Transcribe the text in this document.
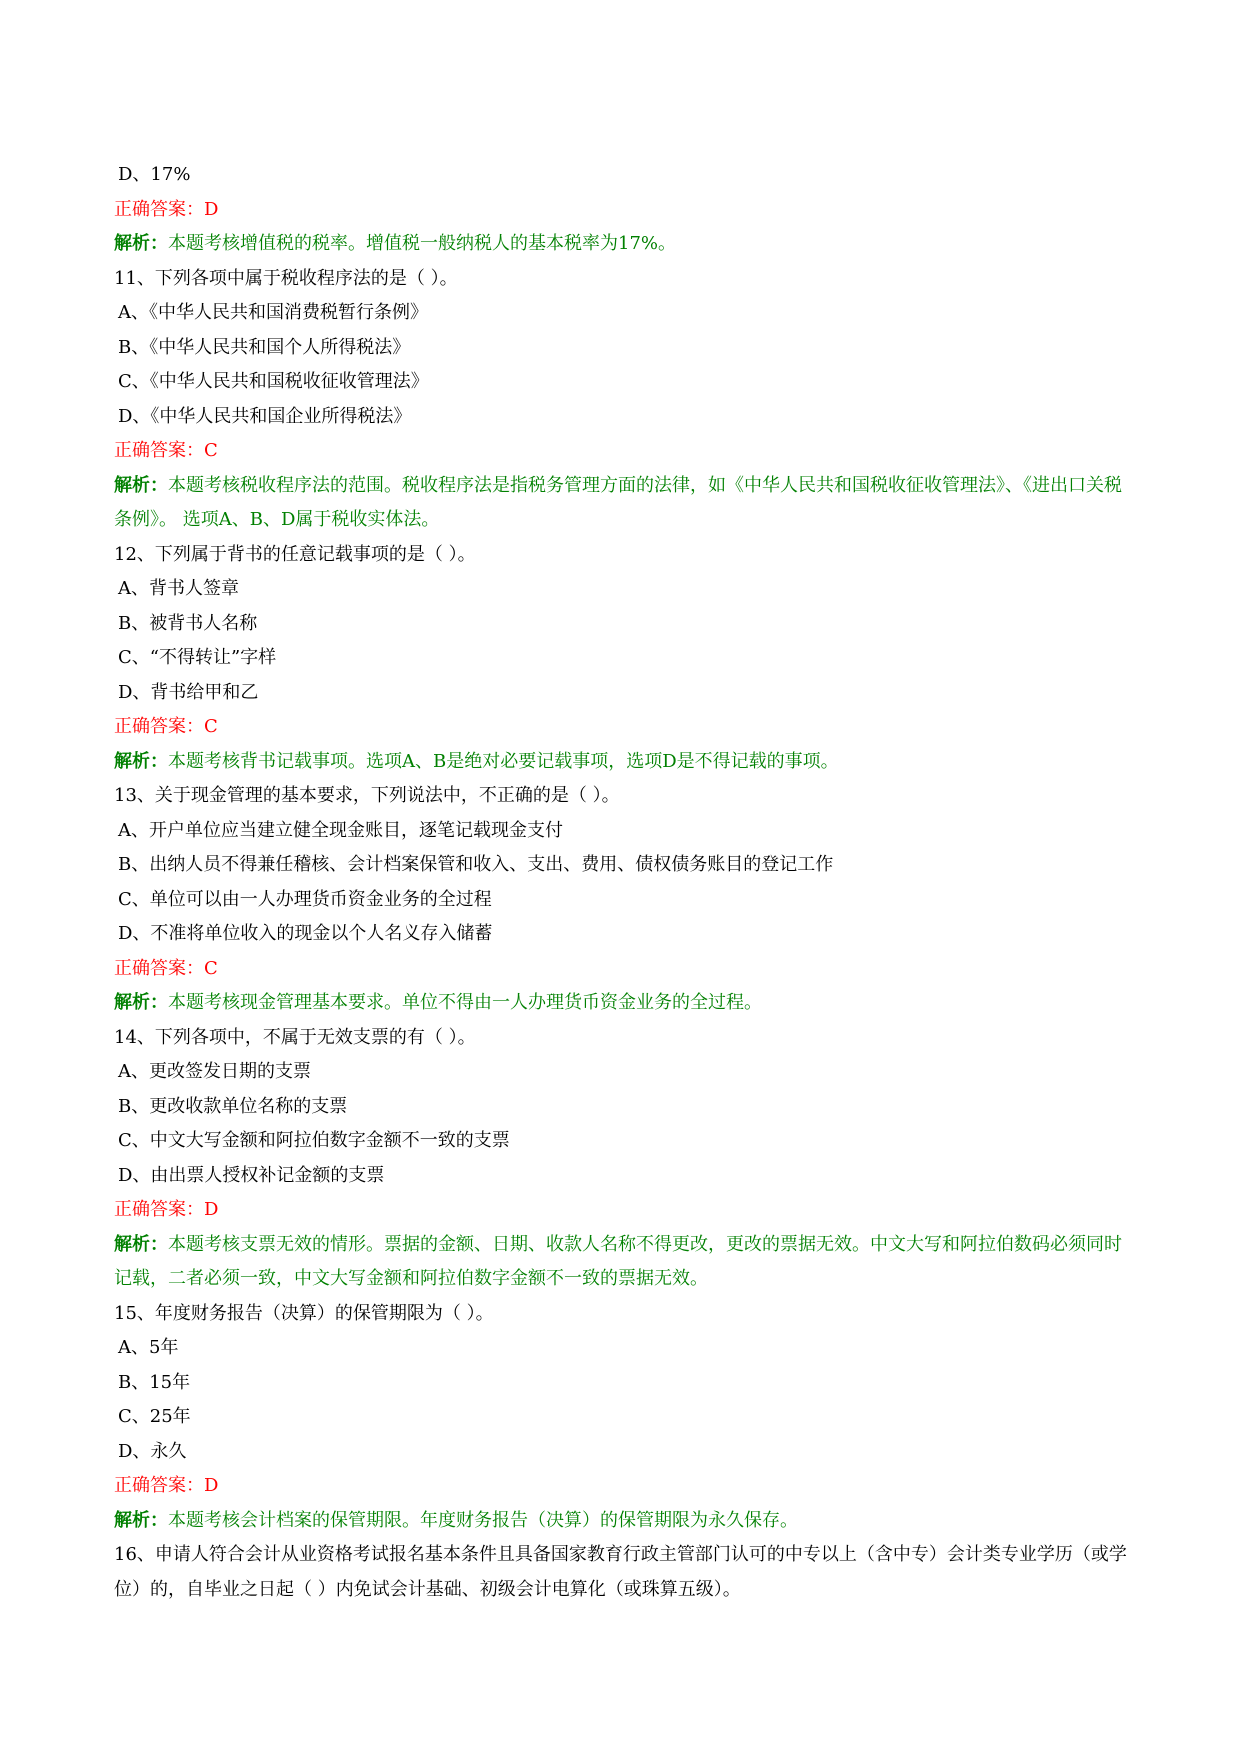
D、17%
正确答案：D
解析：本题考核增值税的税率。增值税一般纳税人的基本税率为17%。
11、下列各项中属于税收程序法的是（ ）。
A、《中华人民共和国消费税暂行条例》
B、《中华人民共和国个人所得税法》
C、《中华人民共和国税收征收管理法》
D、《中华人民共和国企业所得税法》
正确答案：C
解析：本题考核税收程序法的范围。税收程序法是指税务管理方面的法律，如《中华人民共和国税收征收管理法》、《进出口关税条例》。 选项A、B、D属于税收实体法。
12、下列属于背书的任意记载事项的是（ ）。
A、背书人签章
B、被背书人名称
C、“不得转让”字样
D、背书给甲和乙
正确答案：C
解析：本题考核背书记载事项。选项A、B是绝对必要记载事项，选项D是不得记载的事项。
13、关于现金管理的基本要求，下列说法中，不正确的是（ ）。
A、开户单位应当建立健全现金账目，逐笔记载现金支付
B、出纳人员不得兼任稽核、会计档案保管和收入、支出、费用、债权债务账目的登记工作
C、单位可以由一人办理货币资金业务的全过程
D、不准将单位收入的现金以个人名义存入储蓄
正确答案：C
解析：本题考核现金管理基本要求。单位不得由一人办理货币资金业务的全过程。
14、下列各项中，不属于无效支票的有（ ）。
A、更改签发日期的支票
B、更改收款单位名称的支票
C、中文大写金额和阿拉伯数字金额不一致的支票
D、由出票人授权补记金额的支票
正确答案：D
解析：本题考核支票无效的情形。票据的金额、日期、收款人名称不得更改，更改的票据无效。中文大写和阿拉伯数码必须同时记载，二者必须一致，中文大写金额和阿拉伯数字金额不一致的票据无效。
15、年度财务报告（决算）的保管期限为（ ）。
A、5年
B、15年
C、25年
D、永久
正确答案：D
解析：本题考核会计档案的保管期限。年度财务报告（决算）的保管期限为永久保存。
16、申请人符合会计从业资格考试报名基本条件且具备国家教育行政主管部门认可的中专以上（含中专）会计类专业学历（或学位）的，自毕业之日起（ ）内免试会计基础、初级会计电算化（或珠算五级）。
